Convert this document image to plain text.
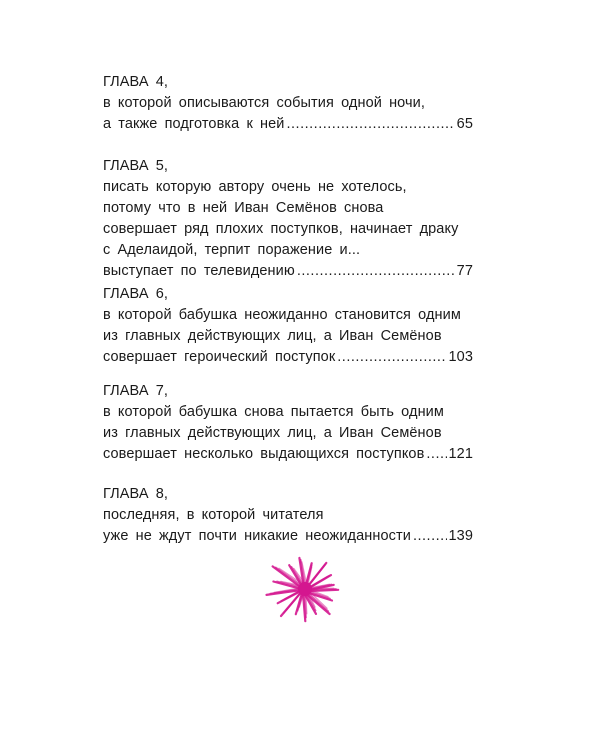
ГЛАВА 4,
в которой описываются события одной ночи,
а также подготовка к ней .....	65
ГЛАВА 5,
писать которую автору очень не хотелось,
потому что в ней Иван Семёнов снова
совершает ряд плохих поступков, начинает драку
с Аделаидой, терпит поражение и...
выступает по телевидению .....	77
ГЛАВА 6,
в которой бабушка неожиданно становится одним
из главных действующих лиц, а Иван Семёнов
совершает героический поступок .....	103
ГЛАВА 7,
в которой бабушка снова пытается быть одним
из главных действующих лиц, а Иван Семёнов
совершает несколько выдающихся поступков ..... 121
ГЛАВА 8,
последняя, в которой читателя
уже не ждут почти никакие неожиданности .....	139
